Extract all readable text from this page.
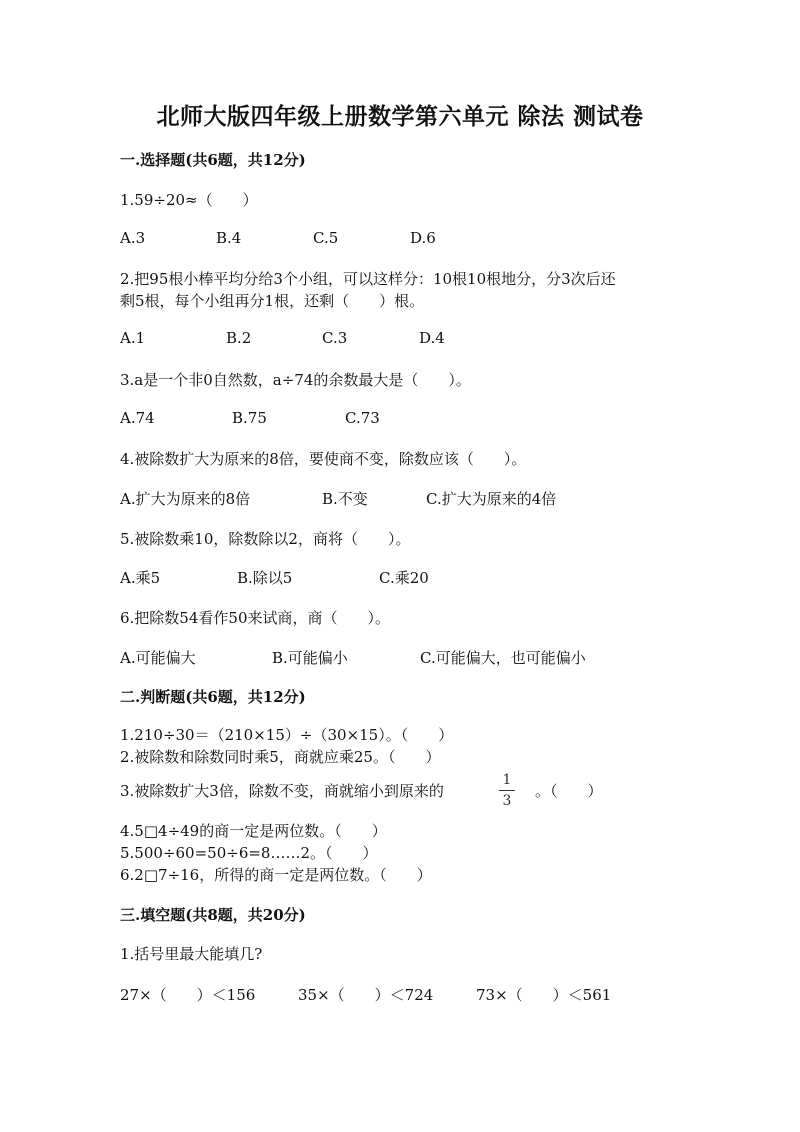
北师大版四年级上册数学第六单元 除法 测试卷
一.选择题(共6题，共12分)
1.59÷20≈（　　）
A.3	B.4	C.5	D.6
2.把95根小棒平均分给3个小组，可以这样分：10根10根地分，分3次后还
剩5根，每个小组再分1根，还剩（　　）根。
A.1	B.2	C.3	D.4
3.a是一个非0自然数，a÷74的余数最大是（　　）。
A.74	B.75	C.73
4.被除数扩大为原来的8倍，要使商不变，除数应该（　　）。
A.扩大为原来的8倍	B.不变	C.扩大为原来的4倍
5.被除数乘10，除数除以2，商将（　　）。
A.乘5	B.除以5	C.乘20
6.把除数54看作50来试商，商（　　）。
A.可能偏大	B.可能偏小	C.可能偏大，也可能偏小
二.判断题(共6题，共12分)
1.210÷30＝（210×15）÷（30×15）。（　　）
2.被除数和除数同时乘5，商就应乘25。（　　）
3.被除数扩大3倍，除数不变，商就缩小到原来的
1
3
。（　　）
4.5□4÷49的商一定是两位数。（　　）
5.500÷60=50÷6=8……2。（　　）
6.2□7÷16，所得的商一定是两位数。（　　）
三.填空题(共8题，共20分)
1.括号里最大能填几?
27×（　　）＜156	35×（　　）＜724	73×（　　）＜561
